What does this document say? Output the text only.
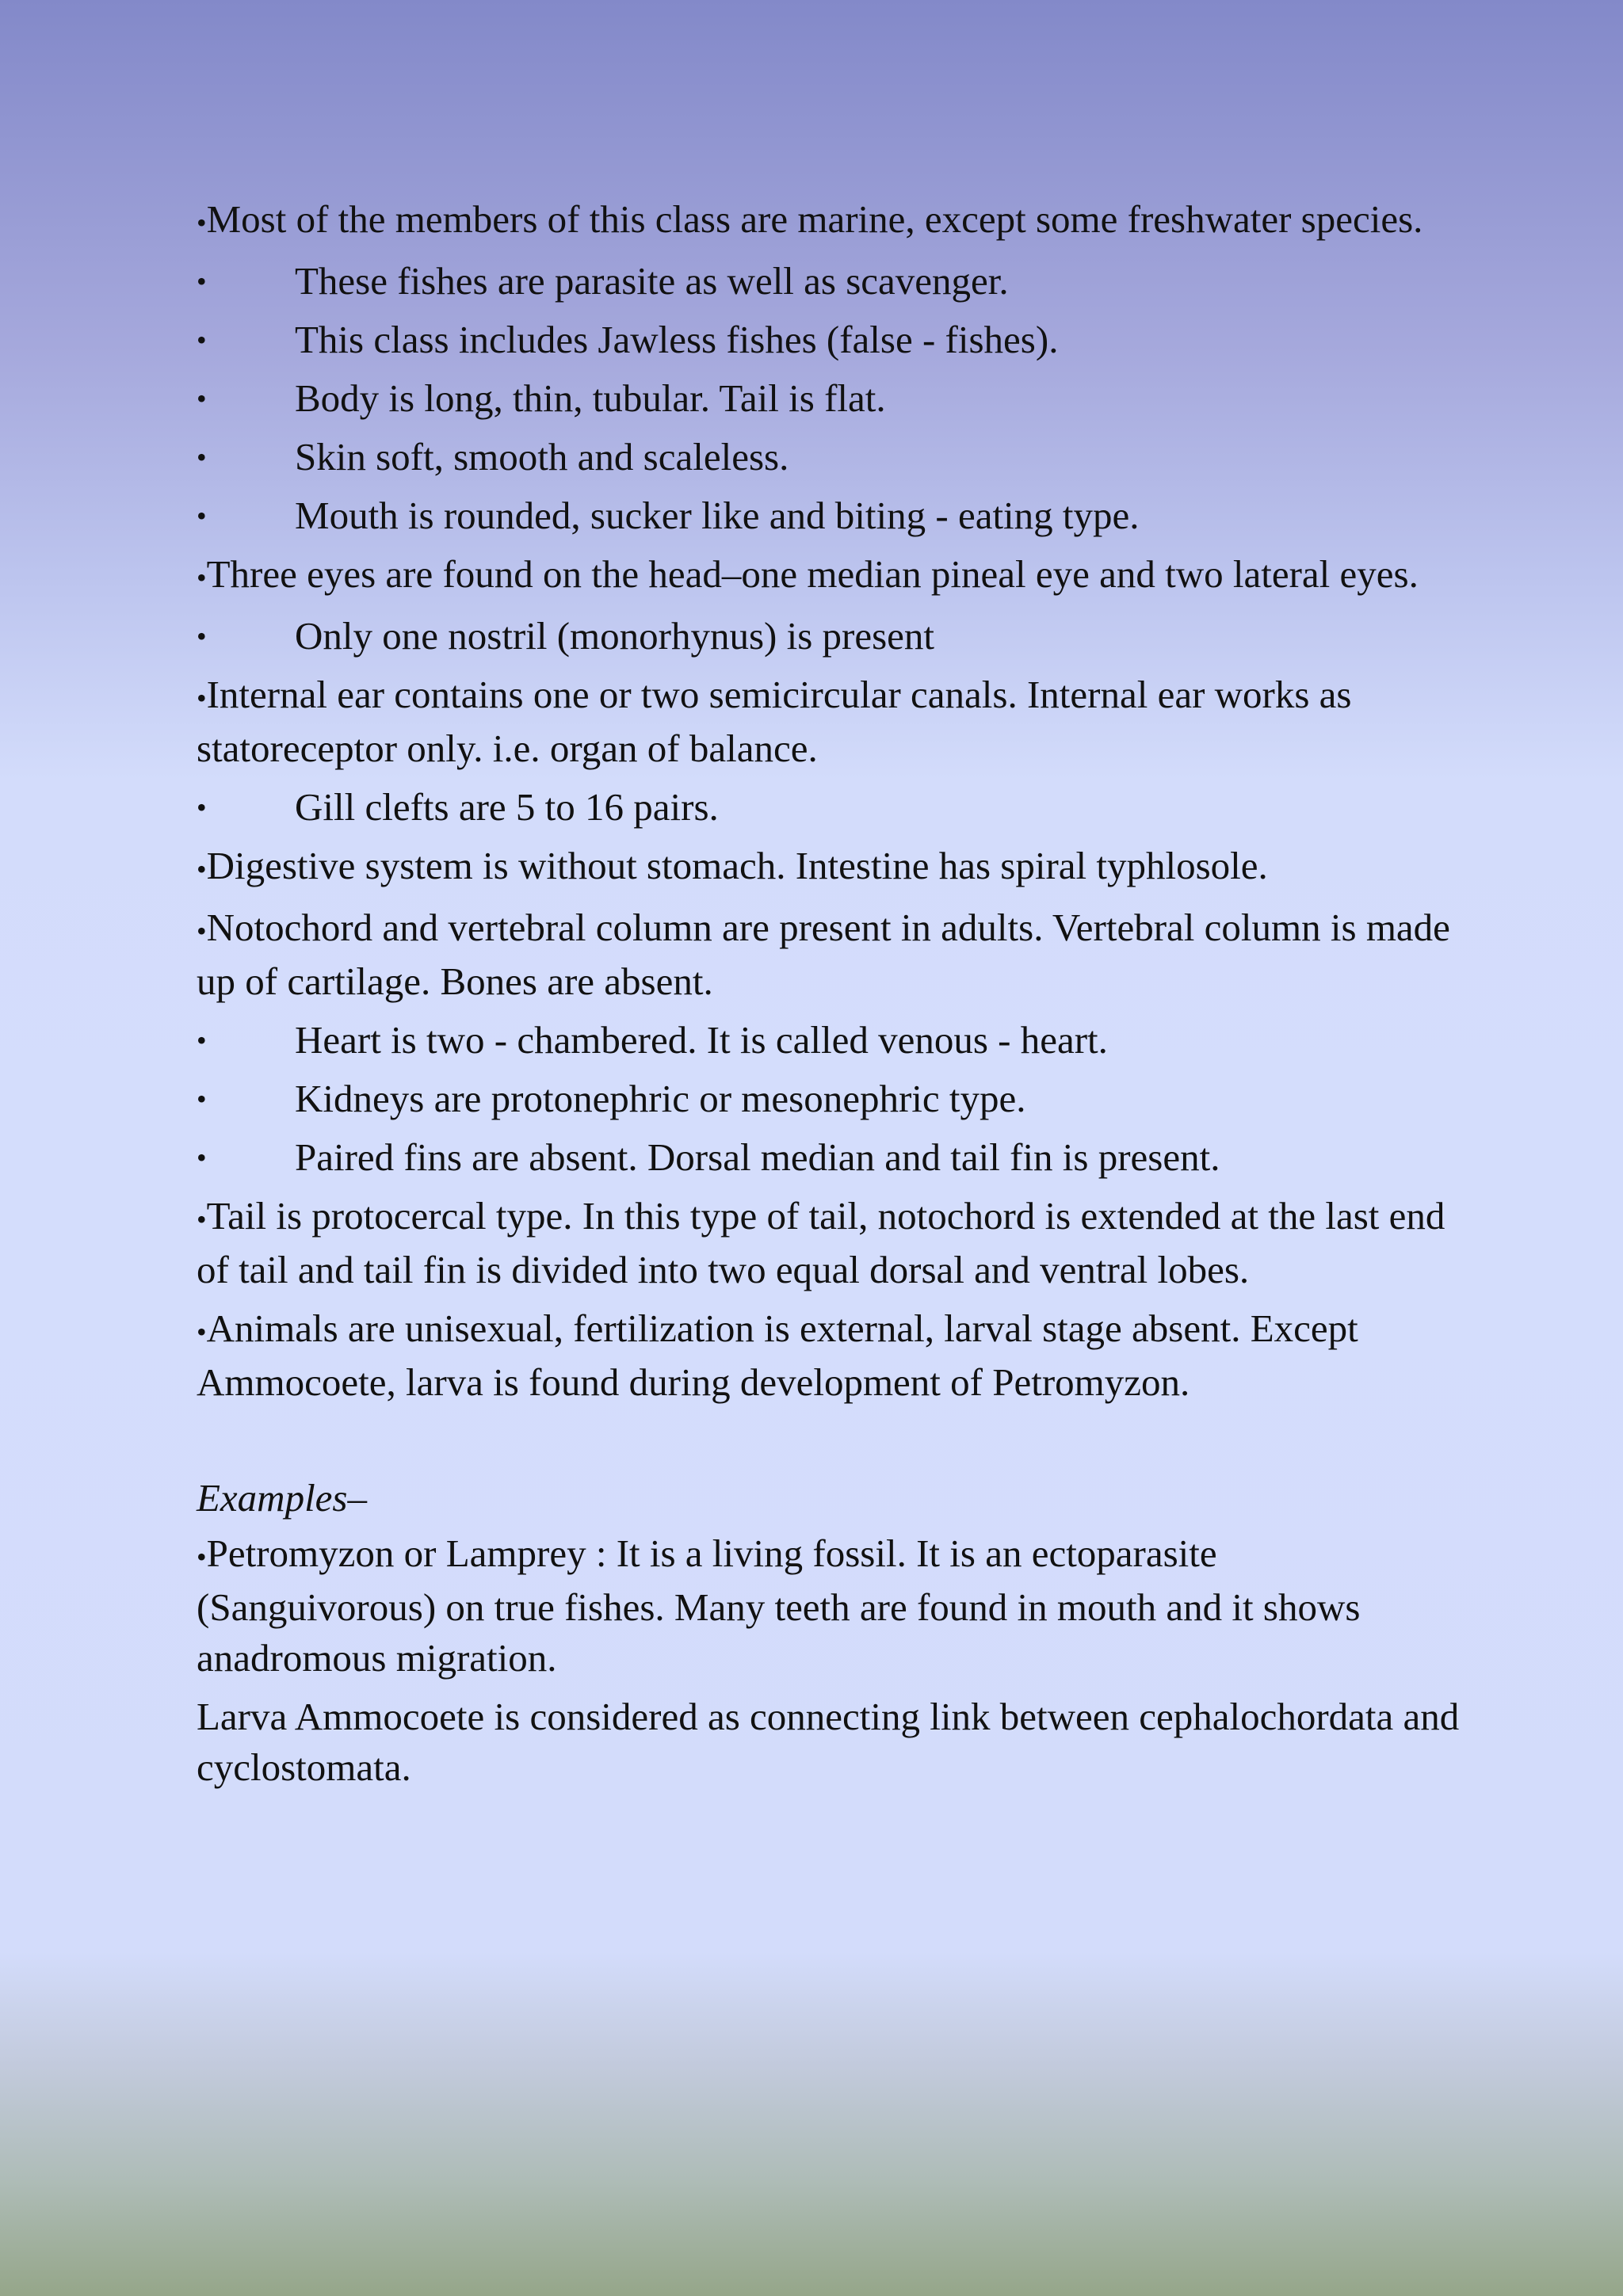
•Most of the members of this class are marine, except some freshwater species.
• These fishes are parasite as well as scavenger.
• This class includes Jawless fishes (false - fishes).
• Body is long, thin, tubular. Tail is flat.
• Skin soft, smooth and scaleless.
• Mouth is rounded, sucker like and biting - eating type.
•Three eyes are found on the head–one median pineal eye and two lateral eyes.
• Only one nostril (monorhynus) is present
•Internal ear contains one or two semicircular canals. Internal ear works as statoreceptor only. i.e. organ of balance.
• Gill clefts are 5 to 16 pairs.
•Digestive system is without stomach. Intestine has spiral typhlosole.
•Notochord and vertebral column are present in adults. Vertebral column is made up of cartilage. Bones are absent.
• Heart is two - chambered. It is called venous - heart.
• Kidneys are protonephric or mesonephric type.
• Paired fins are absent. Dorsal median and tail fin is present.
•Tail is protocercal type. In this type of tail, notochord is extended at the last end of tail and tail fin is divided into two equal dorsal and ventral lobes.
•Animals are unisexual, fertilization is external, larval stage absent. Except Ammocoete, larva is found during development of Petromyzon.
Examples–
•Petromyzon or Lamprey : It is a living fossil. It is an ectoparasite (Sanguivorous) on true fishes. Many teeth are found in mouth and it shows anadromous migration.
Larva Ammocoete is considered as connecting link between cephalochordata and cyclostomata.
